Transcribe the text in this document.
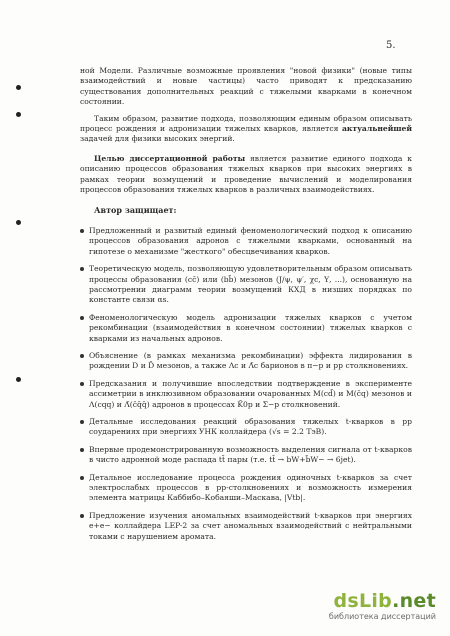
5.

ной Модели. Различные возможные проявления "новой физики" (новые типы взаимодействий и новые частицы) часто приводят к предсказанию существования дополнительных реакций с тяжелыми кварками в конечном состоянии.

Таким образом, развитие подхода, позволяющим единым образом описывать процесс рождения и адронизации тяжелых кварков, является актуальнейшей задачей для физики высоких энергий.

Целью диссертационной работы является развитие единого подхода к описанию процессов образования тяжелых кварков при высоких энергиях в рамках теории возмущений и проведение вычислений и моделирования процессов образования тяжелых кварков в различных взаимодействиях.

Автор защищает:
Предложенный и развитый единый феноменологический подход к описанию процессов образования адронов с тяжелыми кварками, основанный на гипотезе о механизме "жесткого" обесцвечивания кварков.
Теоретическую модель, позволяющую удовлетворительным образом описывать процессы образования (cc̄) или (bb̄) мезонов (J/ψ, ψ′, χc, Υ, ...), основанную на рассмотрении диаграмм теории возмущений КХД в низших порядках по константе связи αs.
Феноменологическую модель адронизации тяжелых кварков с учетом рекомбинации (взаимодействия в конечном состоянии) тяжелых кварков с кварками из начальных адронов.
Объяснение (в рамках механизма рекомбинации) эффекта лидирования в рождении D и D̄ мезонов, а также Λc и Λ̄c барионов в π−p и pp столкновениях.
Предсказания и получившие впоследствии подтверждение в эксперименте ассиметрии в инклюзивном образовании очарованных M(cd̄) и M(c̄q) мезонов и Λ(cqq) и Λ̄(c̄q̄q̄) адронов в процессах K̄0p и Σ−p столкновений.
Детальные исследования реакций образования тяжелых t-кварков в pp соударениях при энергиях УНК коллайдера (√s = 2.2 ТэВ).
Впервые продемонстрированную возможность выделения сигнала от t-кварков в чисто адронной моде распада tt̄ пары (т.е. tt̄ → bW+b̄W− → 6jet).
Детальное исследование процесса рождения одиночных t-кварков за счет электрослабых процессов в pp-столкновениях и возможность измерения элемента матрицы Каббибо–Кобаяши–Маскава, |Vtb|.
Предложение изучения аномальных взаимодействий t-кварков при энергиях e+e− коллайдера LEP-2 за счет аномальных взаимодействий с нейтральными токами с нарушением аромата.
dsLib.net
библиотека диссертаций
